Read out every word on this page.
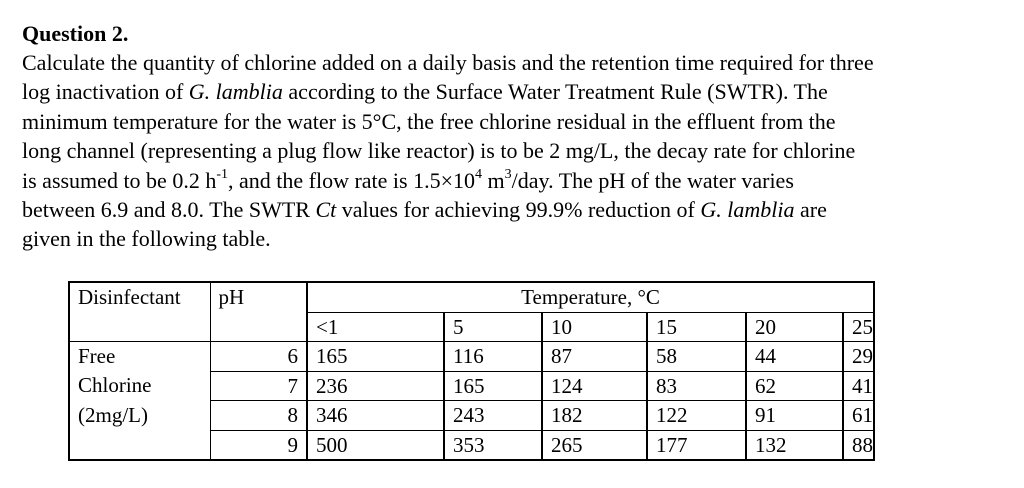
Question 2.

Calculate the quantity of chlorine added on a daily basis and the retention time required for three
log inactivation of G. lamblia according to the Surface Water Treatment Rule (SWTR). The
minimum temperature for the water is 5°C, the free chlorine residual in the effluent from the
long channel (representing a plug flow like reactor) is to be 2 mg/L, the decay rate for chlorine
is assumed to be 0.2 $h^{-1}$, and the flow rate is $1.5\times 10^4$ $m^3$/day. The pH of the water varies
between 6.9 and 8.0. The SWTR Ct values for achieving 99.9% reduction of G. lamblia are
given in the following table.

Disinfectant	pH	Temperature, °C					
		<1	5	10	15	20	25
Free	6	165	116	87	58	44	29
Chlorine	7	236	165	124	83	62	41
(2mg/L)	8	346	243	182	122	91	61
	9	500	353	265	177	132	88
